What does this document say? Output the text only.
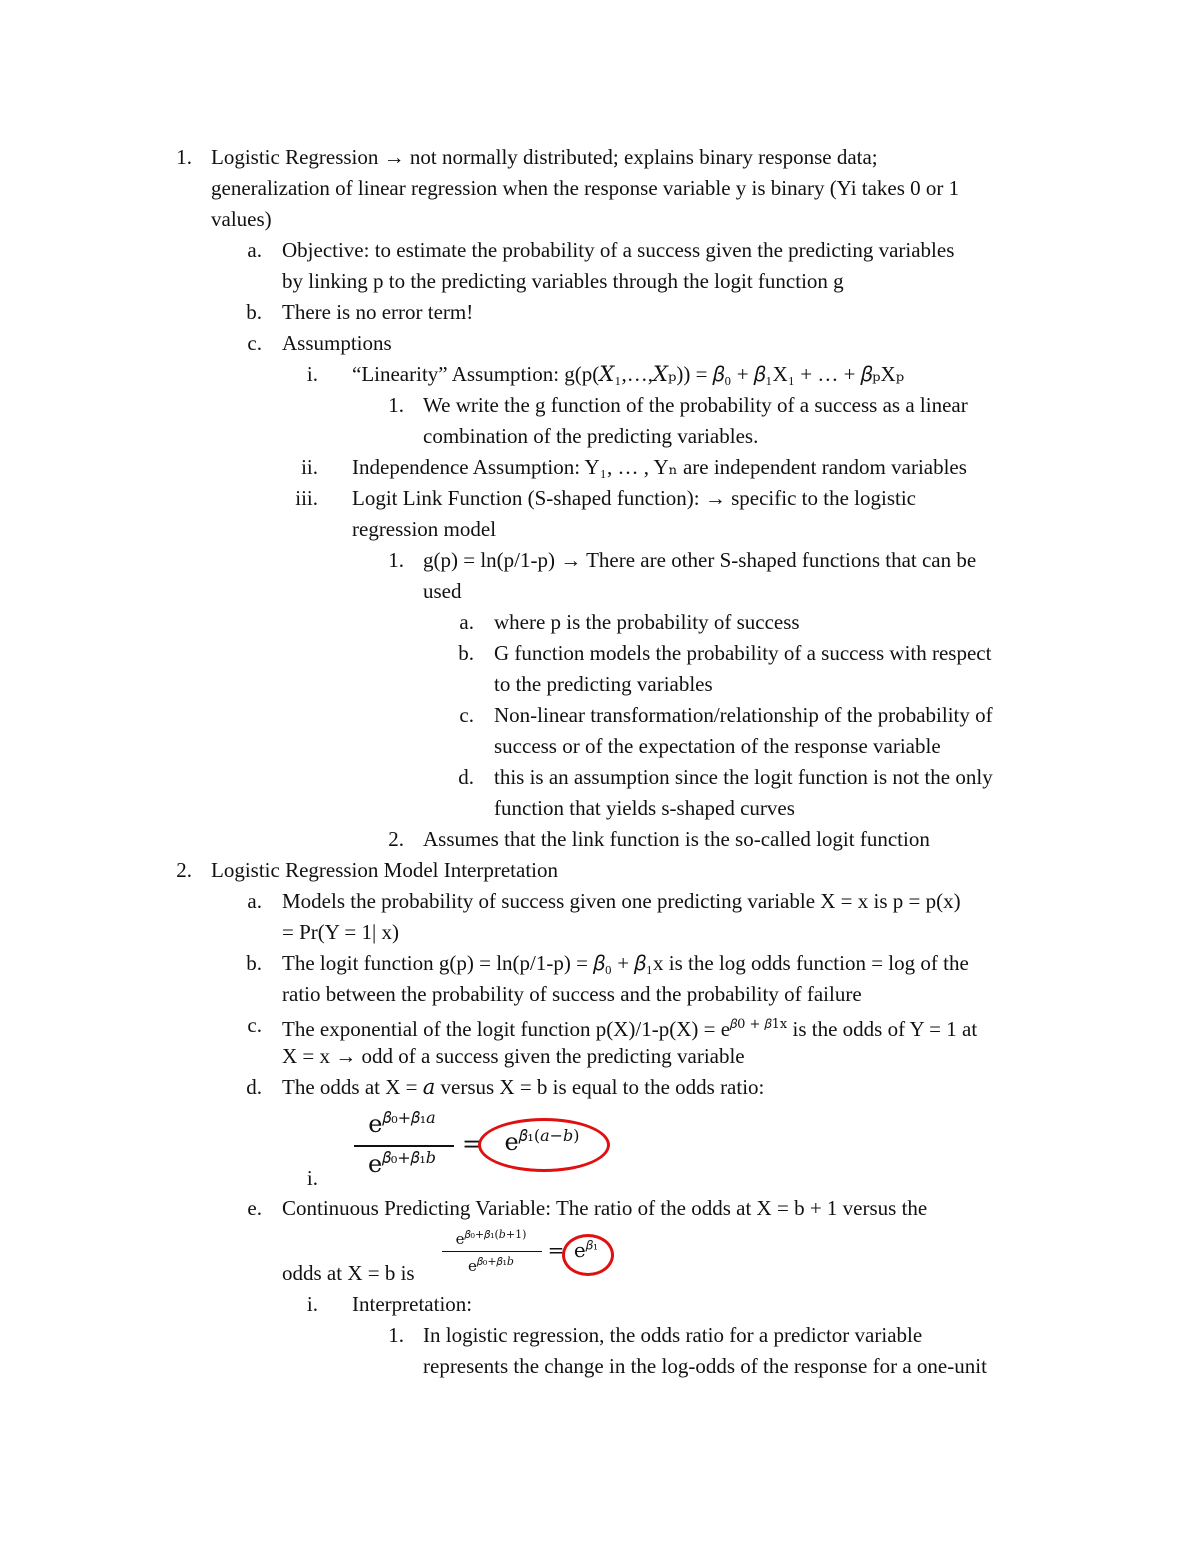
1. Logistic Regression → not normally distributed; explains binary response data;
generalization of linear regression when the response variable y is binary (Yi takes 0 or 1
values)
a. Objective: to estimate the probability of a success given the predicting variables
by linking p to the predicting variables through the logit function g
b. There is no error term!
c. Assumptions
i. “Linearity” Assumption: g(p(𝑋₁,…,𝑋ₚ)) = 𝛽₀ + 𝛽₁X₁ + … + 𝛽ₚXₚ
1. We write the g function of the probability of a success as a linear
combination of the predicting variables.
ii. Independence Assumption: Y₁, … , Yₙ are independent random variables
iii. Logit Link Function (S-shaped function): → specific to the logistic
regression model
1. g(p) = ln(p/1-p) → There are other S-shaped functions that can be
used
a. where p is the probability of success
b. G function models the probability of a success with respect
to the predicting variables
c. Non-linear transformation/relationship of the probability of
success or of the expectation of the response variable
d. this is an assumption since the logit function is not the only
function that yields s-shaped curves
2. Assumes that the link function is the so-called logit function
2. Logistic Regression Model Interpretation
a. Models the probability of success given one predicting variable X = x is p = p(x)
= Pr(Y = 1| x)
b. The logit function g(p) = ln(p/1-p) = 𝛽₀ + 𝛽₁x is the log odds function = log of the
ratio between the probability of success and the probability of failure
c. The exponential of the logit function $p(X)/1-p(X) = e^{𝛽0 + 𝛽1x}$ is the odds of Y = 1 at
X = x → odd of a success given the predicting variable
d. The odds at X = 𝑎 versus X = b is equal to the odds ratio:
i.
$e^{𝛽_0+𝛽_1𝑎}$
$e^{𝛽_0+𝛽_1𝑏}$	= $e^{𝛽_1(𝑎-𝑏)}$
e. Continuous Predicting Variable: The ratio of the odds at X = b + 1 versus the
odds at X = b is
$e^{𝛽_0+𝛽_1(𝑏+1)}$
$e^{𝛽_0+𝛽_1𝑏}$	= $e^{𝛽_1}$
i. Interpretation:
1. In logistic regression, the odds ratio for a predictor variable
represents the change in the log-odds of the response for a one-unit
